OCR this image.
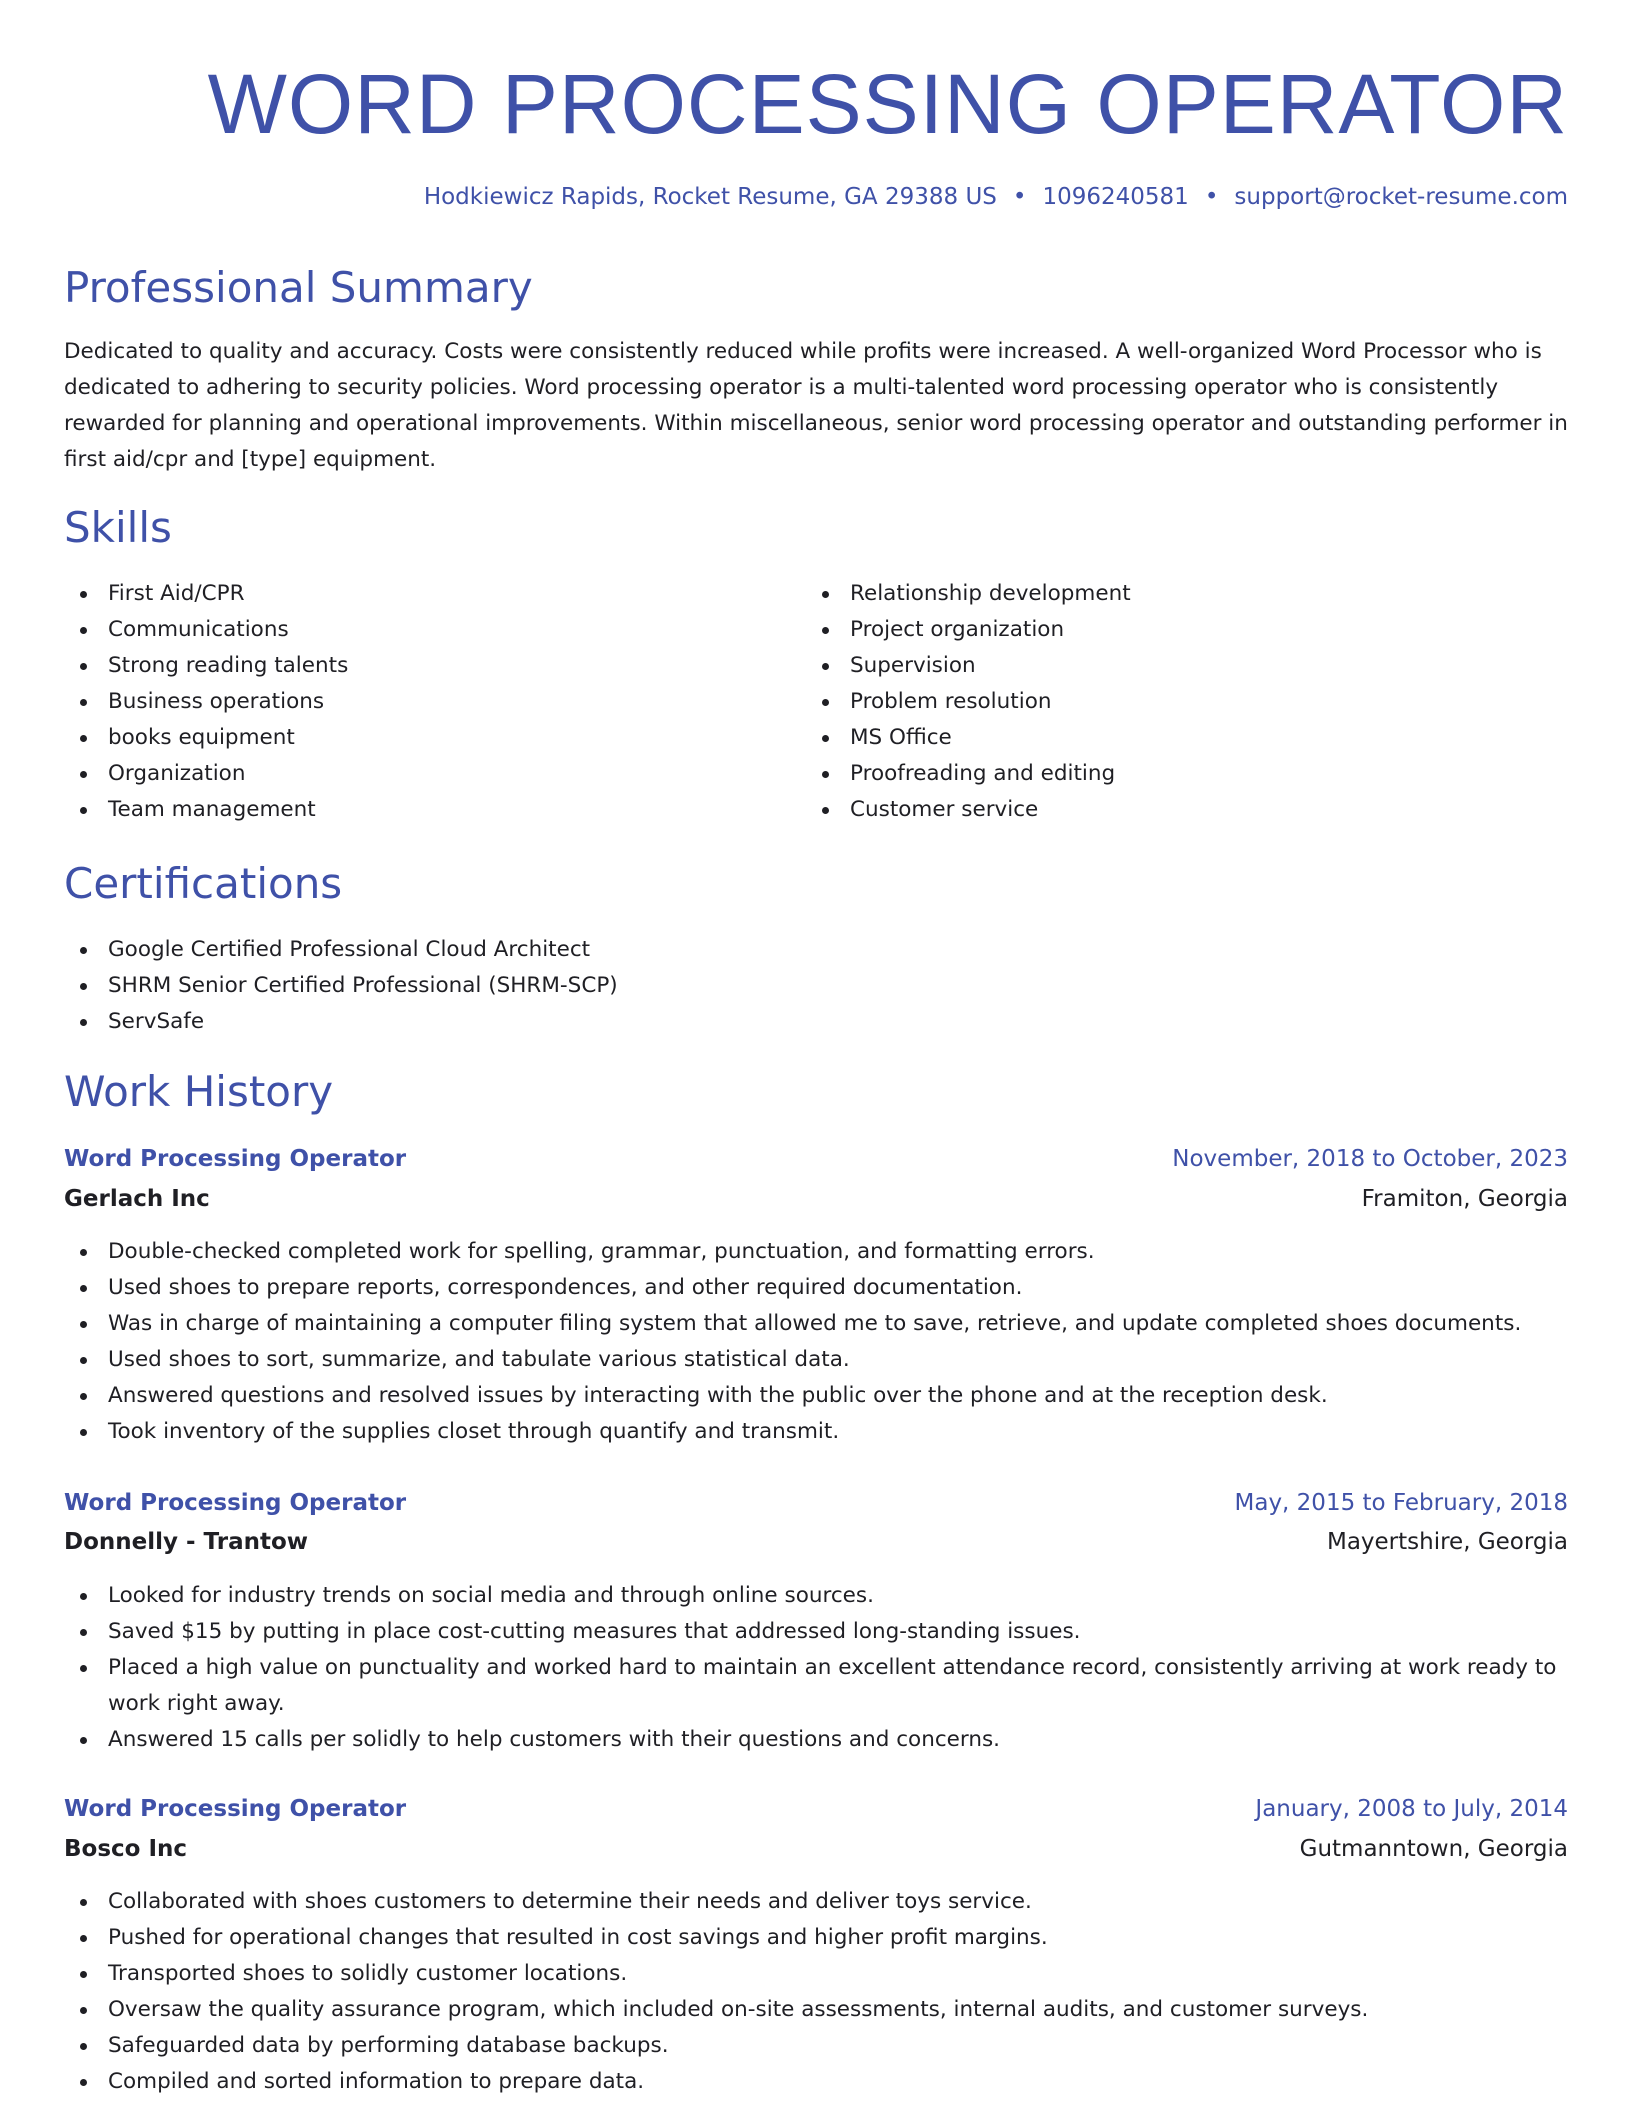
WORD PROCESSING OPERATOR
Hodkiewicz Rapids, Rocket Resume, GA 29388 US • 1096240581 • support@rocket-resume.com
Professional Summary

Dedicated to quality and accuracy. Costs were consistently reduced while profits were increased. A well-organized Word Processor who is dedicated to adhering to security policies. Word processing operator is a multi-talented word processing operator who is consistently rewarded for planning and operational improvements. Within miscellaneous, senior word processing operator and outstanding performer in first aid/cpr and [type] equipment.

Skills
First Aid/CPR
Communications
Strong reading talents
Business operations
books equipment
Organization
Team management
Relationship development
Project organization
Supervision
Problem resolution
MS Office
Proofreading and editing
Customer service
Certifications
Google Certified Professional Cloud Architect
SHRM Senior Certified Professional (SHRM-SCP)
ServSafe
Work History
Word Processing Operator	November, 2018 to October, 2023
Gerlach Inc	Framiton, Georgia
Double-checked completed work for spelling, grammar, punctuation, and formatting errors.
Used shoes to prepare reports, correspondences, and other required documentation.
Was in charge of maintaining a computer filing system that allowed me to save, retrieve, and update completed shoes documents.
Used shoes to sort, summarize, and tabulate various statistical data.
Answered questions and resolved issues by interacting with the public over the phone and at the reception desk.
Took inventory of the supplies closet through quantify and transmit.
Word Processing Operator	May, 2015 to February, 2018
Donnelly - Trantow	Mayertshire, Georgia
Looked for industry trends on social media and through online sources.
Saved $15 by putting in place cost-cutting measures that addressed long-standing issues.
Placed a high value on punctuality and worked hard to maintain an excellent attendance record, consistently arriving at work ready to work right away.
Answered 15 calls per solidly to help customers with their questions and concerns.
Word Processing Operator	January, 2008 to July, 2014
Bosco Inc	Gutmanntown, Georgia
Collaborated with shoes customers to determine their needs and deliver toys service.
Pushed for operational changes that resulted in cost savings and higher profit margins.
Transported shoes to solidly customer locations.
Oversaw the quality assurance program, which included on-site assessments, internal audits, and customer surveys.
Safeguarded data by performing database backups.
Compiled and sorted information to prepare data.
